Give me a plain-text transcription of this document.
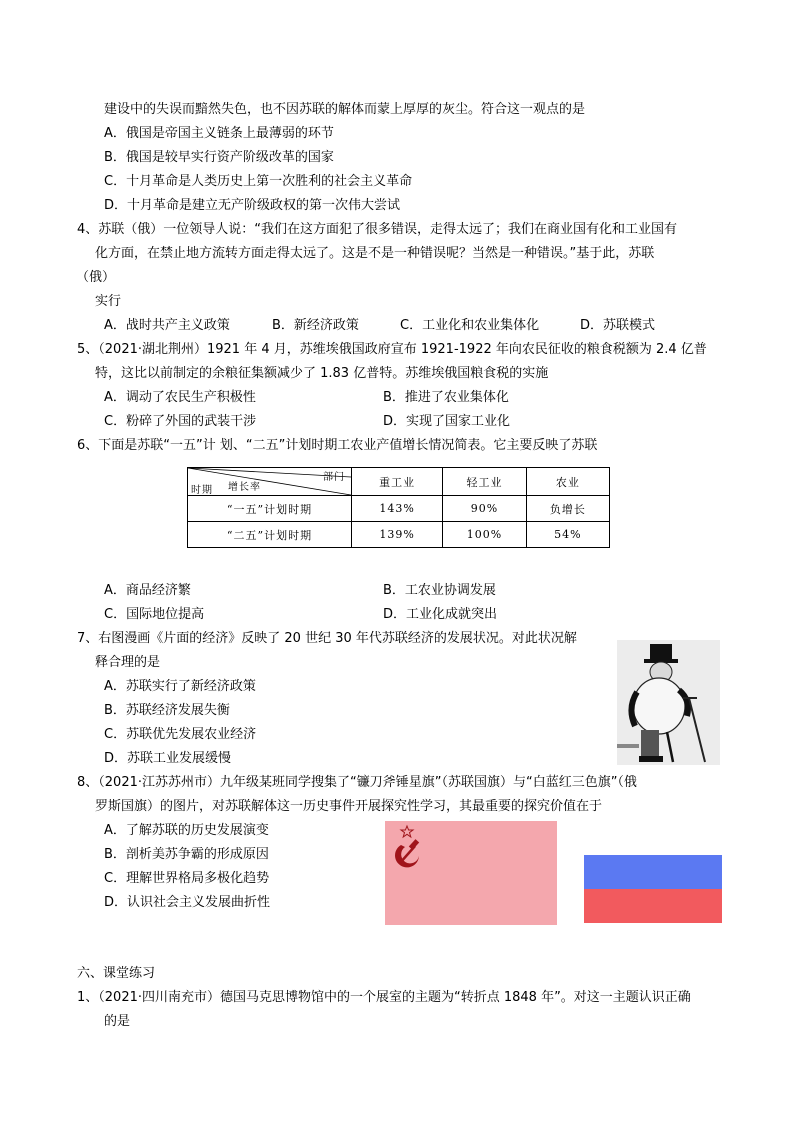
建设中的失误而黯然失色，也不因苏联的解体而蒙上厚厚的灰尘。符合这一观点的是
A．俄国是帝国主义链条上最薄弱的环节
B．俄国是较早实行资产阶级改革的国家
C．十月革命是人类历史上第一次胜利的社会主义革命
D．十月革命是建立无产阶级政权的第一次伟大尝试
4、苏联（俄）一位领导人说：“我们在这方面犯了很多错误，走得太远了；我们在商业国有化和工业国有
化方面，在禁止地方流转方面走得太远了。这是不是一种错误呢？当然是一种错误。”基于此，苏联
（俄）
实行
A．战时共产主义政策	B．新经济政策	C．工业化和农业集体化	D．苏联模式
5、（2021·湖北荆州）1921 年 4 月，苏维埃俄国政府宣布 1921-1922 年向农民征收的粮食税额为 2.4 亿普
特，这比以前制定的余粮征集额减少了 1.83 亿普特。苏维埃俄国粮食税的实施
A．调动了农民生产积极性	B．推进了农业集体化
C．粉碎了外国的武装干涉	D．实现了国家工业化
6、下面是苏联“一五”计 划、“二五”计划时期工农业产值增长情况简表。它主要反映了苏联
部门
增长率
时期	重工业	轻工业	农业
“一五”计划时期	143%	90%	负增长
“二五”计划时期	139%	100%	54%
A．商品经济繁	B．工农业协调发展
C．国际地位提高	D．工业化成就突出
7、右图漫画《片面的经济》反映了 20 世纪 30 年代苏联经济的发展状况。对此状况解
释合理的是
A．苏联实行了新经济政策
B．苏联经济发展失衡
C．苏联优先发展农业经济
D．苏联工业发展缓慢
8、（2021·江苏苏州市）九年级某班同学搜集了“镰刀斧锤星旗”（苏联国旗）与“白蓝红三色旗”（俄
罗斯国旗）的图片，对苏联解体这一历史事件开展探究性学习，其最重要的探究价值在于
A．了解苏联的历史发展演变
B．剖析美苏争霸的形成原因
C．理解世界格局多极化趋势
D．认识社会主义发展曲折性
六、课堂练习
1、（2021·四川南充市）德国马克思博物馆中的一个展室的主题为“转折点 1848 年”。对这一主题认识正确
的是
